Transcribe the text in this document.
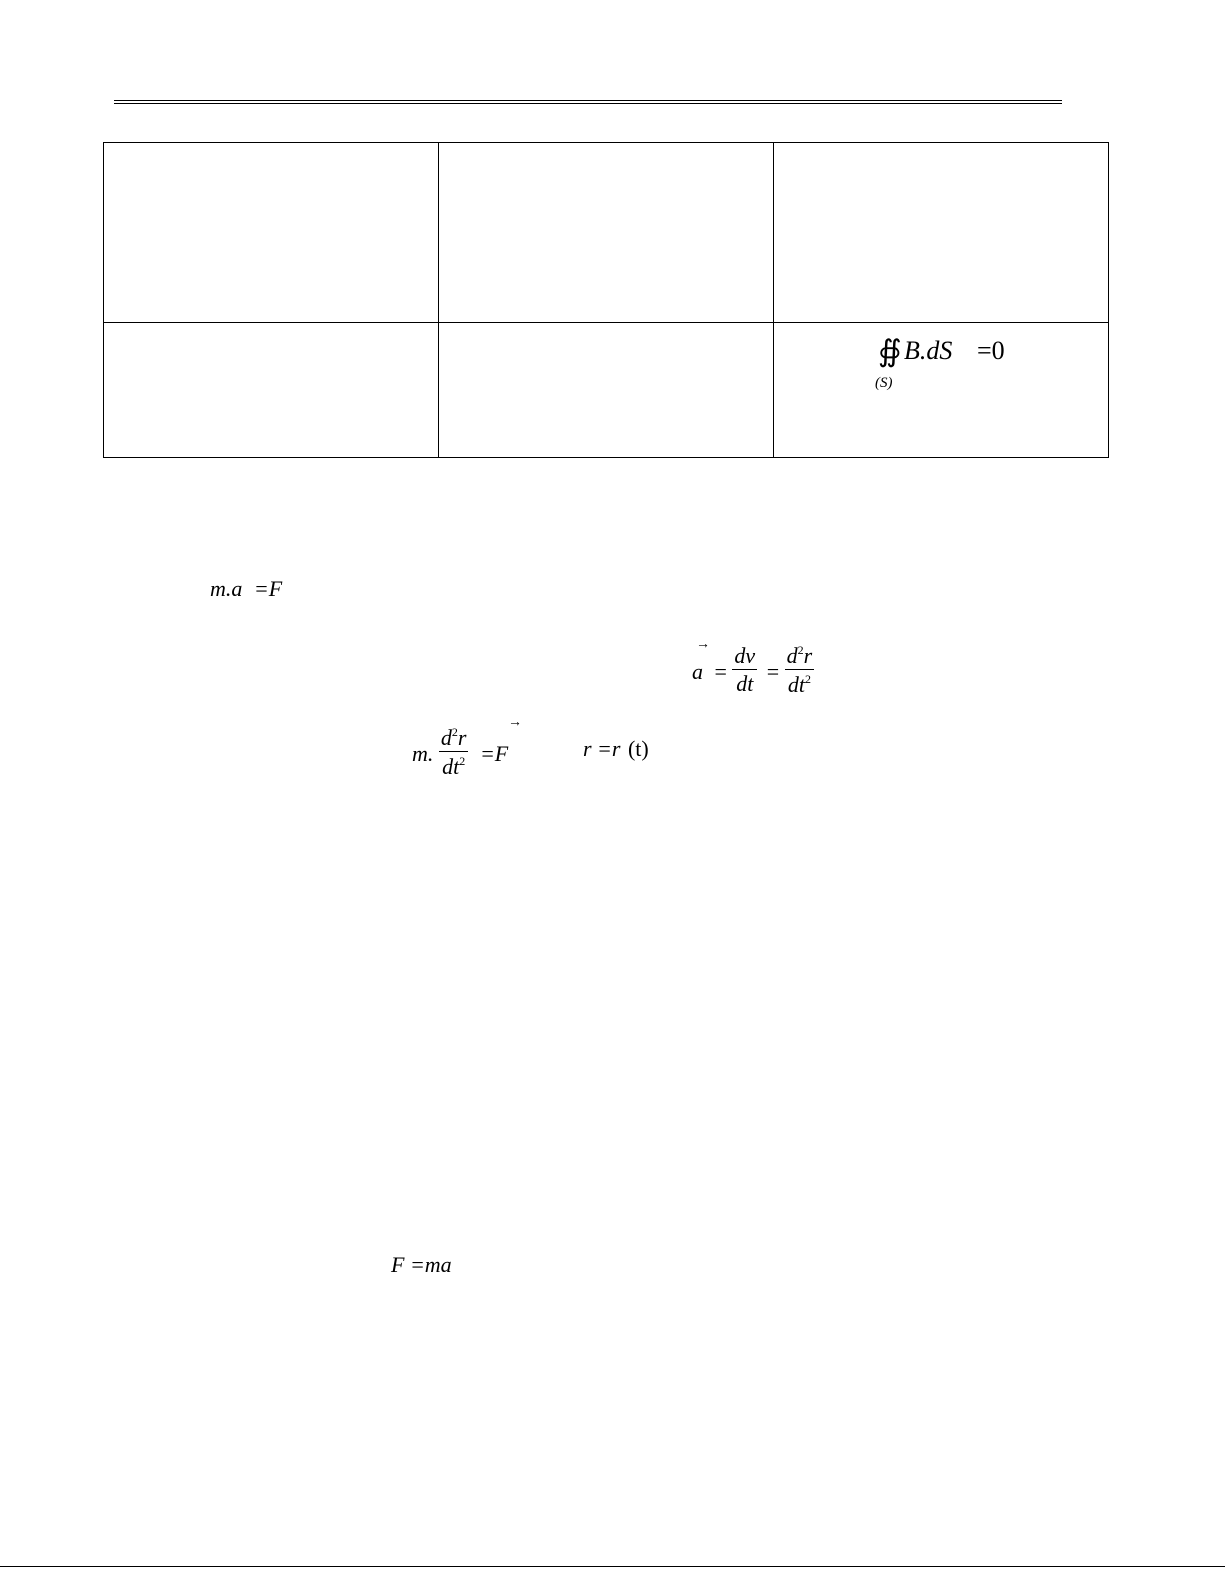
		∯ B.dS =0
(S)
m.a =F
→
$a = \frac{dv}{dt} = \frac{d^2r}{dt^2}$
m. $\frac{d^2r}{dt^2} =F$
→
r =r (t)
F =ma
